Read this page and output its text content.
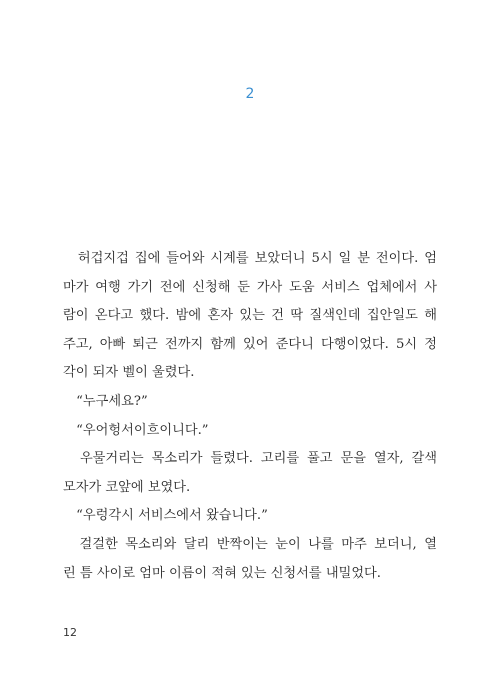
2
　허겁지겁 집에 들어와 시계를 보았더니 5시 일 분 전이다. 엄
마가 여행 가기 전에 신청해 둔 가사 도움 서비스 업체에서 사
람이 온다고 했다. 밤에 혼자 있는 건 딱 질색인데 집안일도 해
주고, 아빠 퇴근 전까지 함께 있어 준다니 다행이었다. 5시 정
각이 되자 벨이 울렸다.
　“누구세요?”
　“우어헝서이흐이니다.”
　우물거리는 목소리가 들렸다. 고리를 풀고 문을 열자, 갈색
모자가 코앞에 보였다.
　“우렁각시 서비스에서 왔습니다.”
　걸걸한 목소리와 달리 반짝이는 눈이 나를 마주 보더니, 열
린 틈 사이로 엄마 이름이 적혀 있는 신청서를 내밀었다.
12
